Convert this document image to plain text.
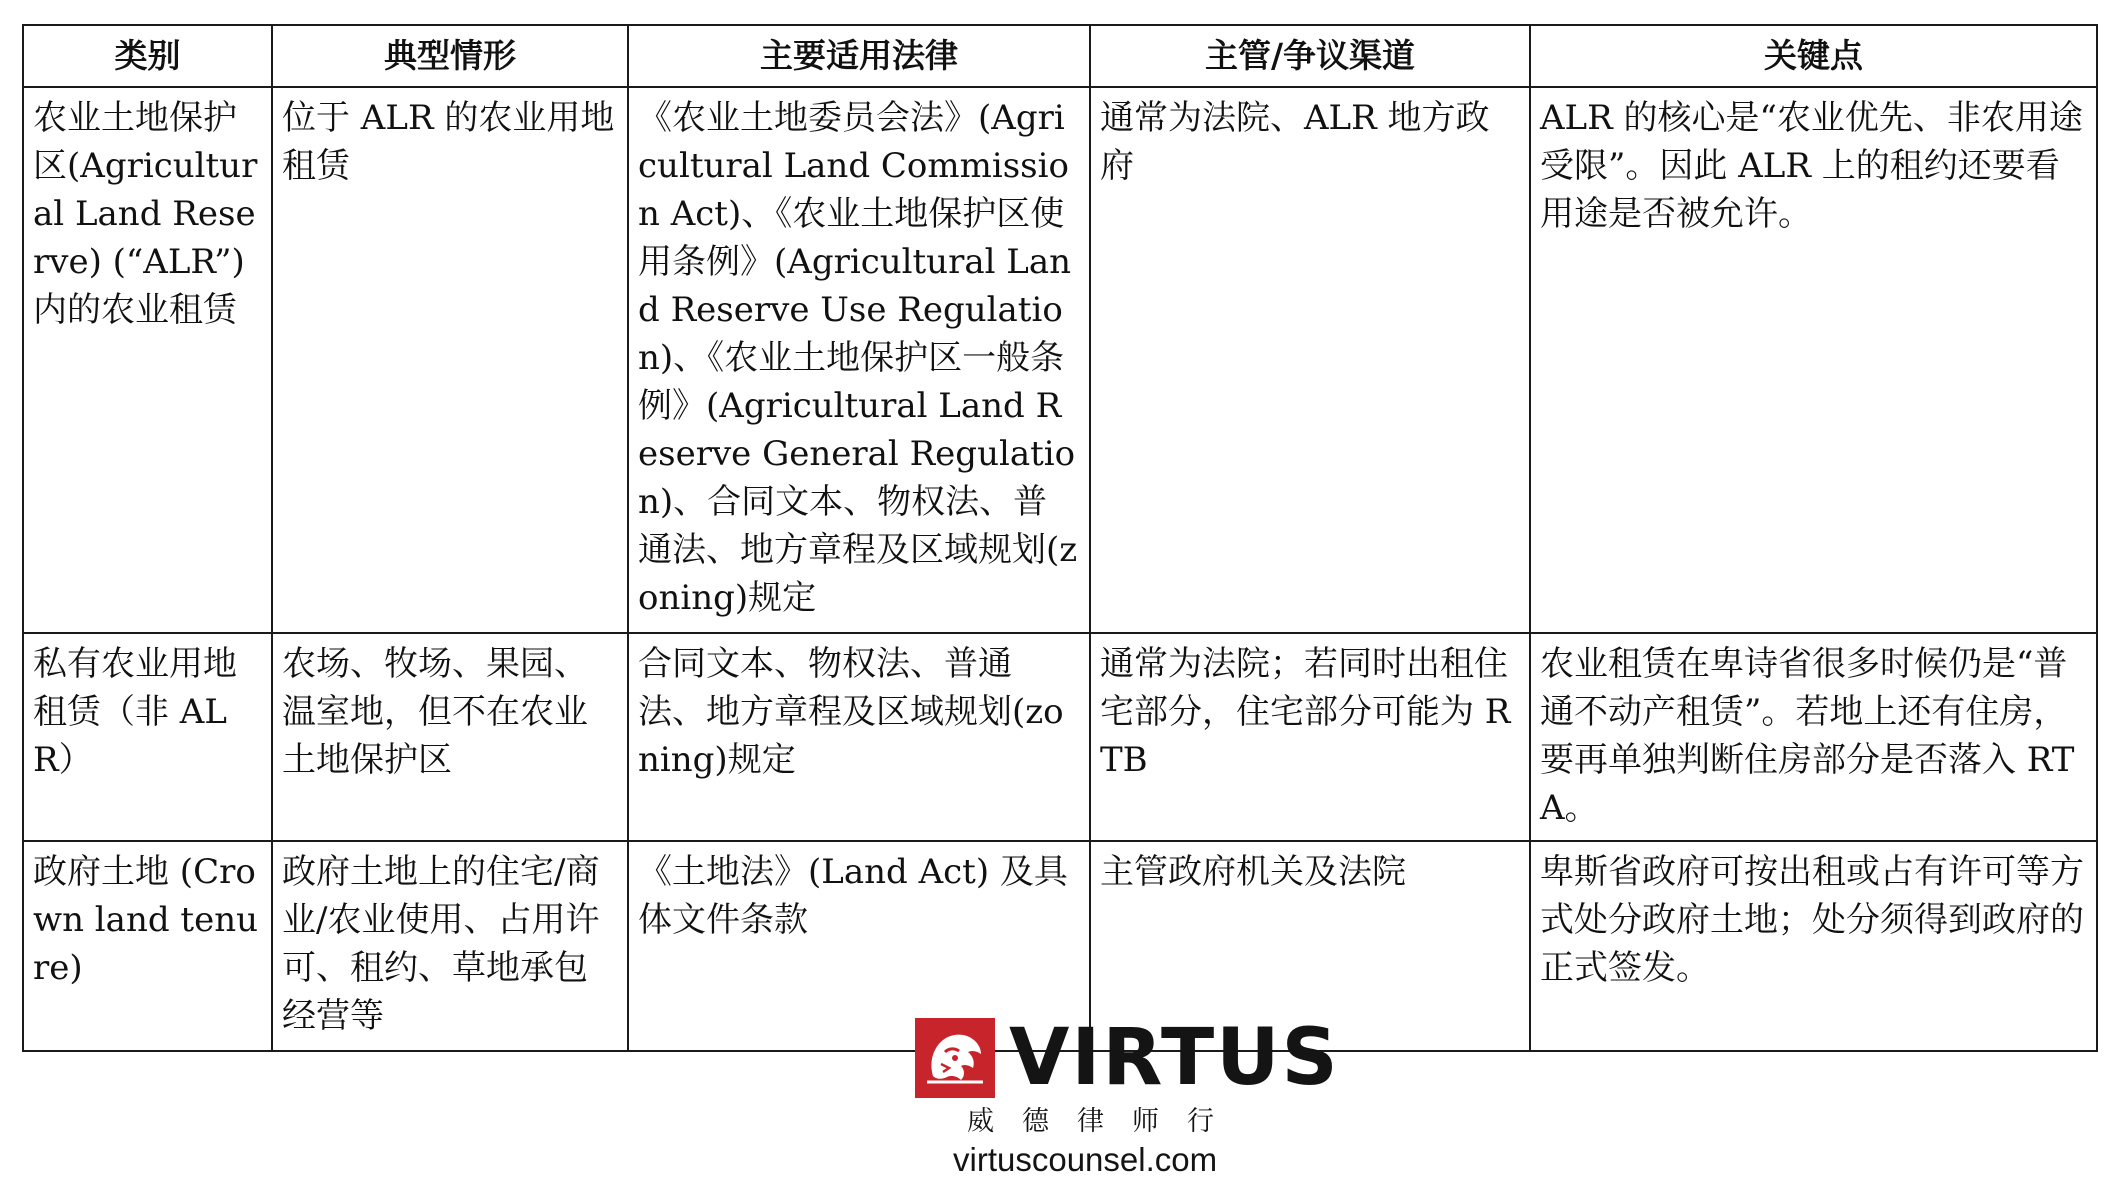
类别	典型情形	主要适用法律	主管/争议渠道	关键点
农业土地保护区(Agricultural Land Reserve) (“ALR”) 内的农业租赁	位于 ALR 的农业用地租赁	《农业土地委员会法》(Agricultural Land Commission Act)、《农业土地保护区使用条例》(Agricultural Land Reserve Use Regulation)、《农业土地保护区一般条例》(Agricultural Land Reserve General Regulation)、合同文本、物权法、普通法、地方章程及区域规划(zoning)规定	通常为法院、ALR 地方政府	ALR 的核心是“农业优先、非农用途受限”。因此 ALR 上的租约还要看用途是否被允许。
私有农业用地租赁（非 ALR）	农场、牧场、果园、温室地，但不在农业土地保护区	合同文本、物权法、普通法、地方章程及区域规划(zoning)规定	通常为法院；若同时出租住宅部分，住宅部分可能为 RTB	农业租赁在卑诗省很多时候仍是“普通不动产租赁”。若地上还有住房，要再单独判断住房部分是否落入 RTA。
政府土地 (Crown land tenure)	政府土地上的住宅/商业/农业使用、占用许可、租约、草地承包经营等	《土地法》(Land Act) 及具体文件条款	主管政府机关及法院	卑斯省政府可按出租或占有许可等方式处分政府土地；处分须得到政府的正式签发。
VIRTUS
威德律师行
virtuscounsel.com
